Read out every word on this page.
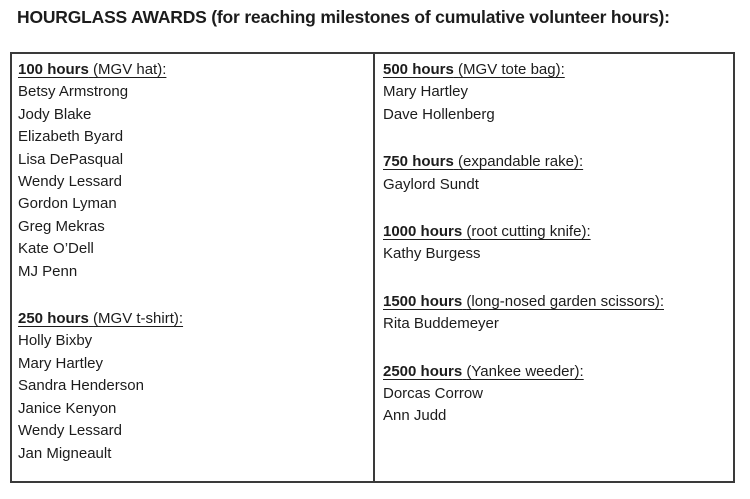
HOURGLASS AWARDS (for reaching milestones of cumulative volunteer hours):
100 hours (MGV hat):
Betsy Armstrong
Jody Blake
Elizabeth Byard
Lisa DePasqual
Wendy Lessard
Gordon Lyman
Greg Mekras
Kate O’Dell
MJ Penn
250 hours (MGV t-shirt):
Holly Bixby
Mary Hartley
Sandra Henderson
Janice Kenyon
Wendy Lessard
Jan Migneault
500 hours (MGV tote bag):
Mary Hartley
Dave Hollenberg
750 hours (expandable rake):
Gaylord Sundt
1000 hours (root cutting knife):
Kathy Burgess
1500 hours (long-nosed garden scissors):
Rita Buddemeyer
2500 hours (Yankee weeder):
Dorcas Corrow
Ann Judd
